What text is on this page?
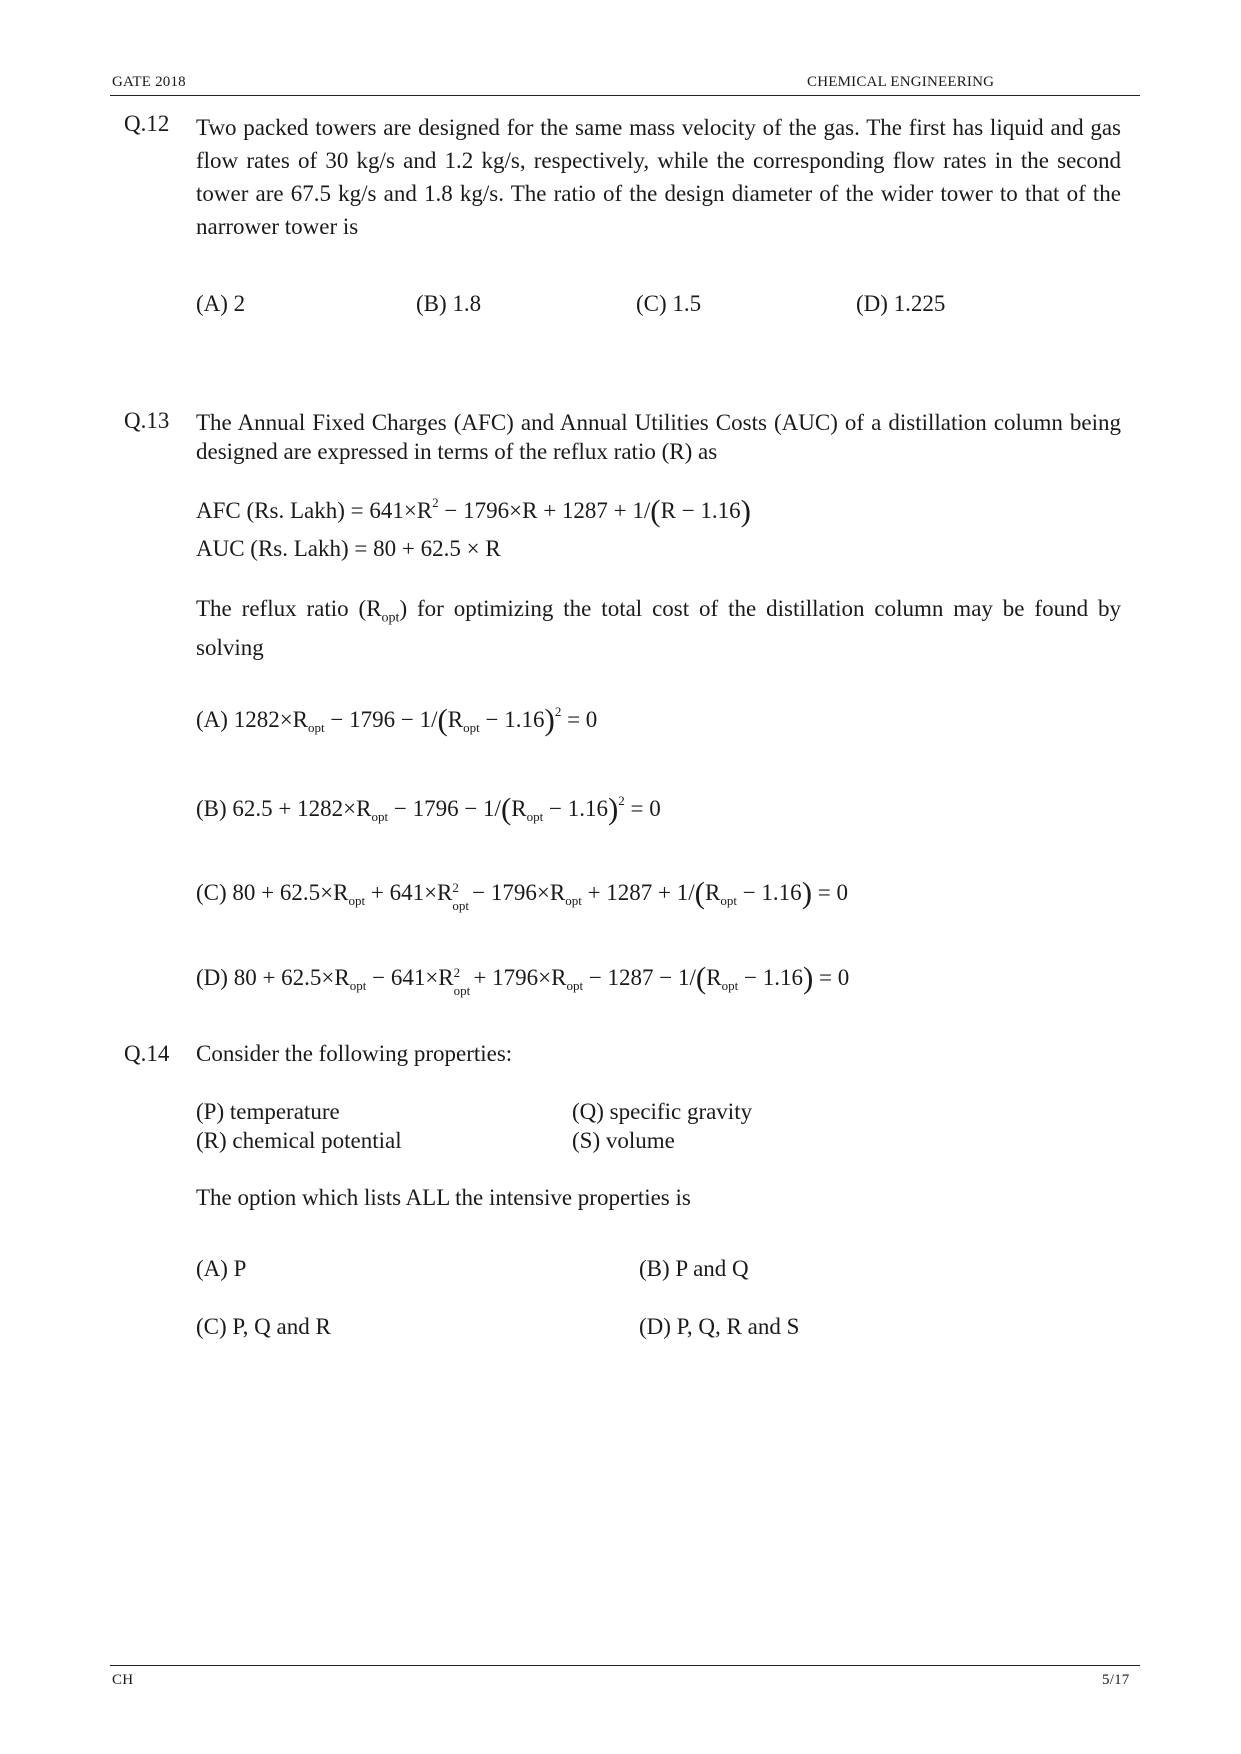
GATE 2018	CHEMICAL ENGINEERING
Q.12 Two packed towers are designed for the same mass velocity of the gas. The first has liquid and gas flow rates of 30 kg/s and 1.2 kg/s, respectively, while the corresponding flow rates in the second tower are 67.5 kg/s and 1.8 kg/s. The ratio of the design diameter of the wider tower to that of the narrower tower is
(A) 2	(B) 1.8	(C) 1.5	(D) 1.225
Q.13 The Annual Fixed Charges (AFC) and Annual Utilities Costs (AUC) of a distillation column being designed are expressed in terms of the reflux ratio (R) as
AFC (Rs. Lakh) = $641\times R^2 - 1796\times R + 1287 + 1/(R - 1.16)$
AUC (Rs. Lakh) = 80 + 62.5 × R
The reflux ratio $(R_{opt})$ for optimizing the total cost of the distillation column may be found by solving
(A) $1282\times R_{opt} - 1796 - 1/(R_{opt} - 1.16)^2 = 0$
(B) $62.5 + 1282\times R_{opt} - 1796 - 1/(R_{opt} - 1.16)^2 = 0$
(C) $80 + 62.5\times R_{opt} + 641\times R$ 2
opt
− $1796\times R_{opt} + 1287 + 1/(R_{opt} - 1.16) = 0$
(D) $80 + 62.5\times R_{opt} - 641\times R$ 2
opt
+ $1796\times R_{opt} - 1287 - 1/(R_{opt} - 1.16) = 0$
Q.14 Consider the following properties:
(P) temperature	(Q) specific gravity
(R) chemical potential	(S) volume
The option which lists ALL the intensive properties is
(A) P	(B) P and Q
(C) P, Q and R	(D) P, Q, R and S
CH	5/17
